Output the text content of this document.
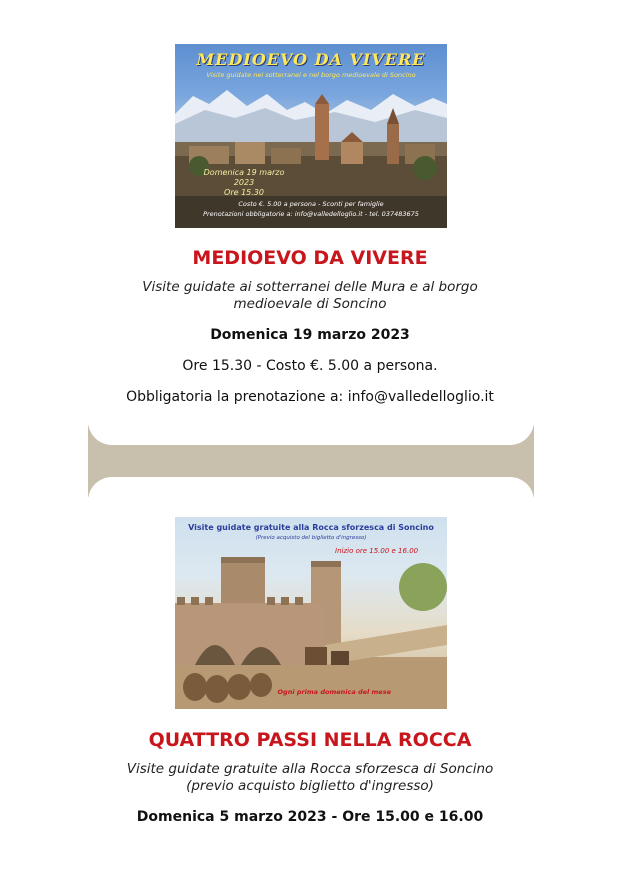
MEDIOEVO DA VIVERE
Visite guidate nei sotterranei e nel borgo medioevale di Soncino
Domenica 19 marzo 2023
Ore 15.30
Costo €. 5.00 a persona - Sconti per famiglie
Prenotazioni obbligatorie a: info@valledelloglio.it - tel. 037483675
MEDIOEVO DA VIVERE
Visite guidate ai sotterranei delle Mura e al borgo
medioevale di Soncino
Domenica 19 marzo 2023
Ore 15.30 - Costo €. 5.00 a persona.
Obbligatoria la prenotazione a: info@valledelloglio.it
Visite guidate gratuite alla Rocca sforzesca di Soncino
(Previo acquisto del biglietto d'ingresso)
Inizio ore 15.00 e 16.00
Ogni prima domenica del mese
QUATTRO PASSI NELLA ROCCA
Visite guidate gratuite alla Rocca sforzesca di Soncino
(previo acquisto biglietto d'ingresso)
Domenica 5 marzo 2023 - Ore 15.00 e 16.00
